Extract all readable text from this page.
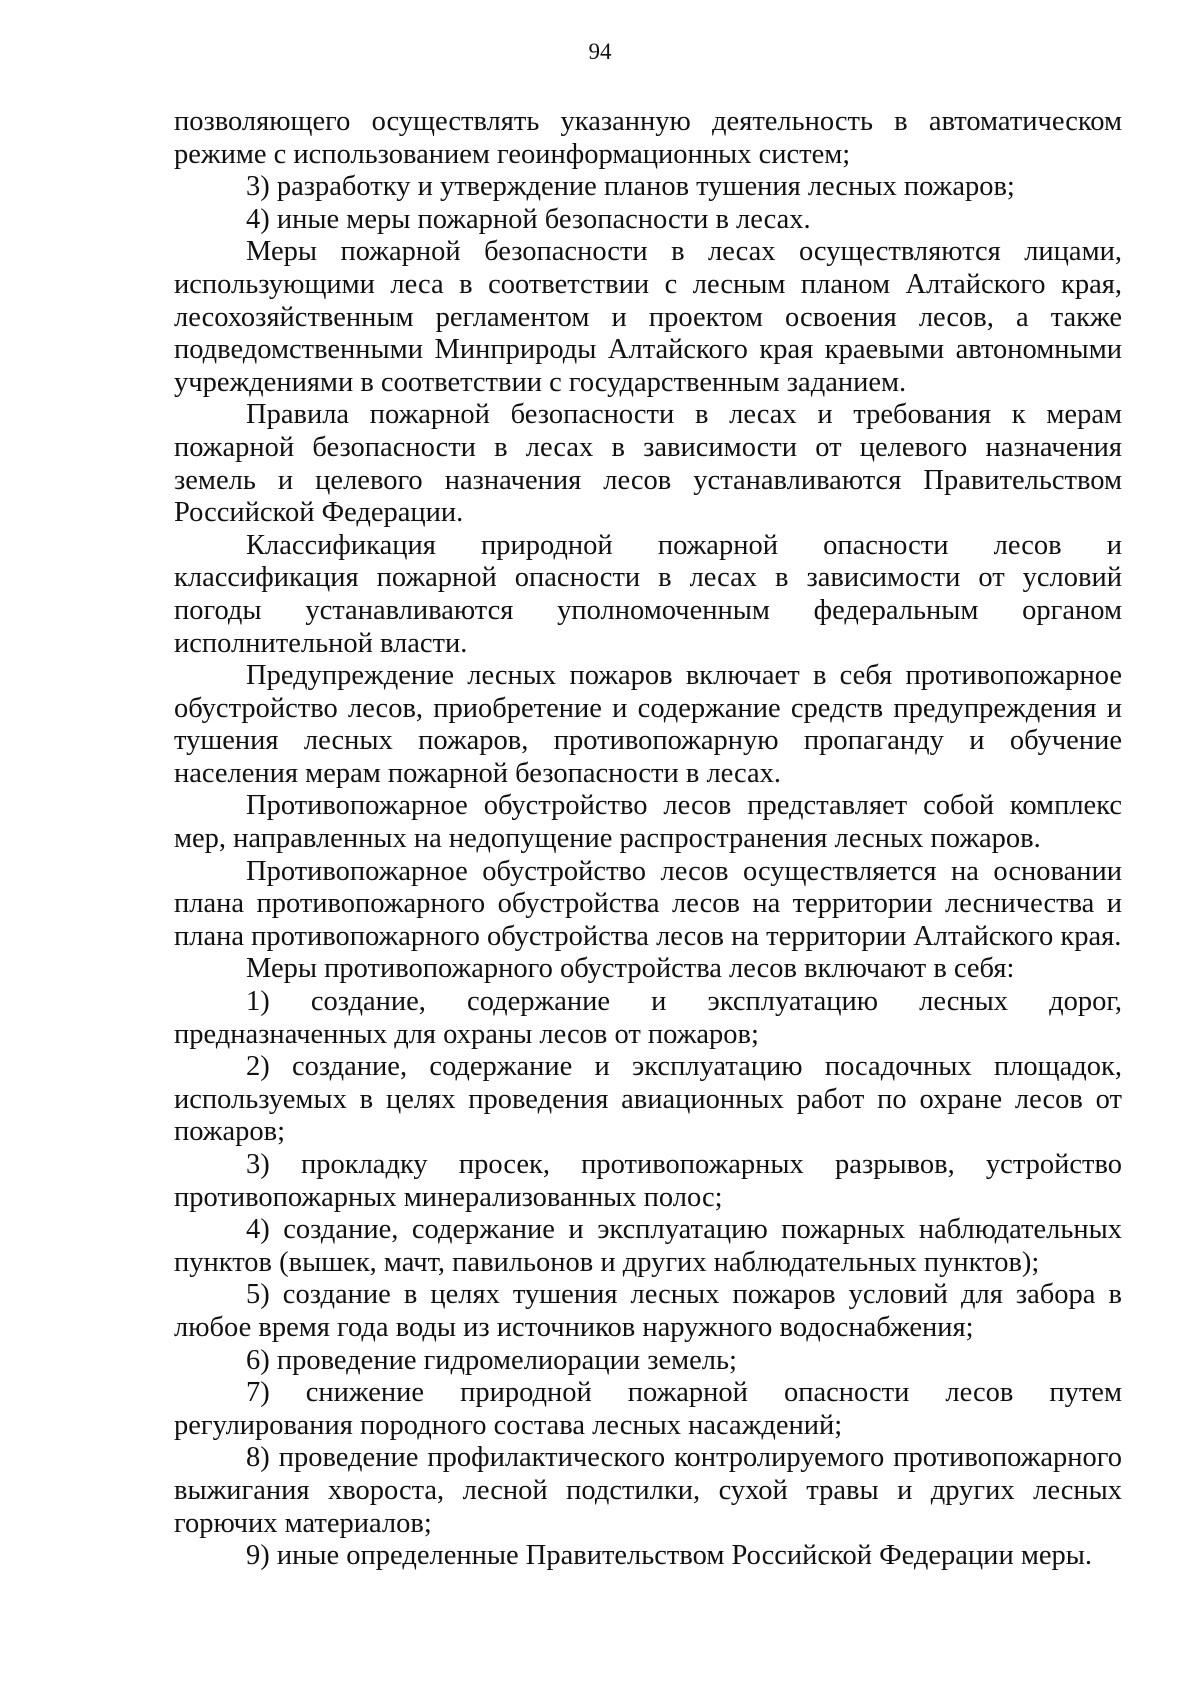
94

позволяющего осуществлять указанную деятельность в автоматическом режиме с использованием геоинформационных систем;

3) разработку и утверждение планов тушения лесных пожаров;

4) иные меры пожарной безопасности в лесах.

Меры пожарной безопасности в лесах осуществляются лицами, использующими леса в соответствии с лесным планом Алтайского края, лесохозяйственным регламентом и проектом освоения лесов, а также подведомственными Минприроды Алтайского края краевыми автономными учреждениями в соответствии с государственным заданием.

Правила пожарной безопасности в лесах и требования к мерам пожарной безопасности в лесах в зависимости от целевого назначения земель и целевого назначения лесов устанавливаются Правительством Российской Федерации.

Классификация природной пожарной опасности лесов и классификация пожарной опасности в лесах в зависимости от условий погоды устанавливаются уполномоченным федеральным органом исполнительной власти.

Предупреждение лесных пожаров включает в себя противопожарное обустройство лесов, приобретение и содержание средств предупреждения и тушения лесных пожаров, противопожарную пропаганду и обучение населения мерам пожарной безопасности в лесах.

Противопожарное обустройство лесов представляет собой комплекс мер, направленных на недопущение распространения лесных пожаров.

Противопожарное обустройство лесов осуществляется на основании плана противопожарного обустройства лесов на территории лесничества и плана противопожарного обустройства лесов на территории Алтайского края.

Меры противопожарного обустройства лесов включают в себя:

1) создание, содержание и эксплуатацию лесных дорог, предназначенных для охраны лесов от пожаров;

2) создание, содержание и эксплуатацию посадочных площадок, используемых в целях проведения авиационных работ по охране лесов от пожаров;

3) прокладку просек, противопожарных разрывов, устройство противопожарных минерализованных полос;

4) создание, содержание и эксплуатацию пожарных наблюдательных пунктов (вышек, мачт, павильонов и других наблюдательных пунктов);

5) создание в целях тушения лесных пожаров условий для забора в любое время года воды из источников наружного водоснабжения;

6) проведение гидромелиорации земель;

7) снижение природной пожарной опасности лесов путем регулирования породного состава лесных насаждений;

8) проведение профилактического контролируемого противопожарного выжигания хвороста, лесной подстилки, сухой травы и других лесных горючих материалов;

9) иные определенные Правительством Российской Федерации меры.
